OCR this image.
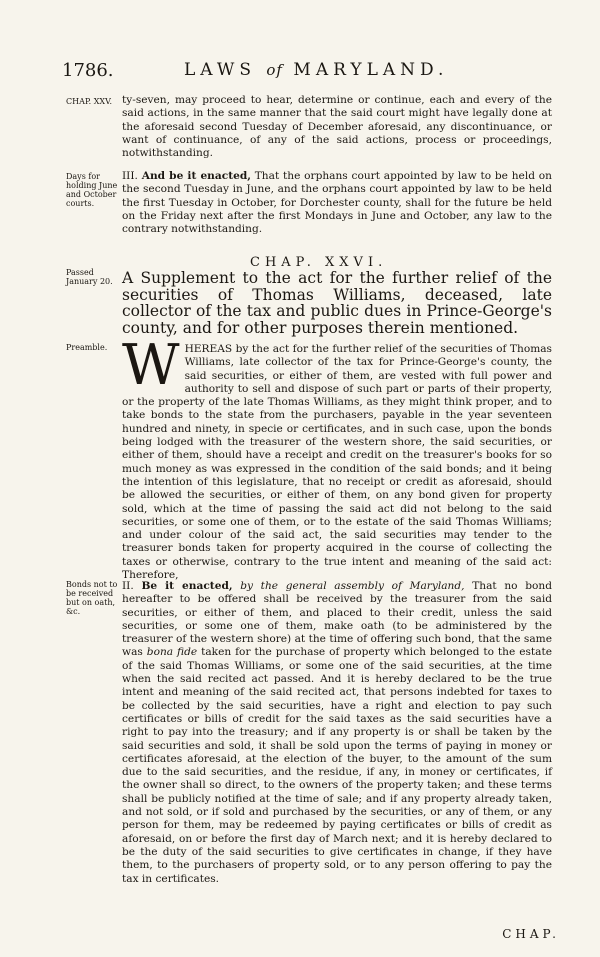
1786.	LAWS of MARYLAND.
CHAP. XXV. ty-seven, may proceed to hear, determine or continue, each and every of the said actions, in the same manner that the said court might have legally done at the aforesaid second Tuesday of December aforesaid, any discontinuance, or want of continuance, of any of the said actions, process or proceedings, notwithstanding.
Days for holding June and October courts.
III. And be it enacted, That the orphans court appointed by law to be held on the second Tuesday in June, and the orphans court appointed by law to be held the first Tuesday in October, for Dorchester county, shall for the future be held on the Friday next after the first Mondays in June and October, any law to the contrary notwithstanding.
CHAP. XXVI.
Passed January 20. A Supplement to the act for the further relief of the securities of Thomas Williams, deceased, late collector of the tax and public dues in Prince-George's county, and for other purposes therein mentioned.
Preamble. W HEREAS by the act for the further relief of the securities of Thomas Williams, late collector of the tax for Prince-George's county, the said securities, or either of them, are vested with full power and authority to sell and dispose of such part or parts of their property, or the property of the late Thomas Williams, as they might think proper, and to take bonds to the state from the purchasers, payable in the year seventeen hundred and ninety, in specie or certificates, and in such case, upon the bonds being lodged with the treasurer of the western shore, the said securities, or either of them, should have a receipt and credit on the treasurer's books for so much money as was expressed in the condition of the said bonds; and it being the intention of this legislature, that no receipt or credit as aforesaid, should be allowed the securities, or either of them, on any bond given for property sold, which at the time of passing the said act did not belong to the said securities, or some one of them, or to the estate of the said Thomas Williams; and under colour of the said act, the said securities may tender to the treasurer bonds taken for property acquired in the course of collecting the taxes or otherwise, contrary to the true intent and meaning of the said act: Therefore,
Bonds not to be received but on oath, &c.
II. Be it enacted, by the general assembly of Maryland, That no bond hereafter to be offered shall be received by the treasurer from the said securities, or either of them, and placed to their credit, unless the said securities, or some one of them, make oath (to be administered by the treasurer of the western shore) at the time of offering such bond, that the same was bona fide taken for the purchase of property which belonged to the estate of the said Thomas Williams, or some one of the said securities, at the time when the said recited act passed. And it is hereby declared to be the true intent and meaning of the said recited act, that persons indebted for taxes to be collected by the said securities, have a right and election to pay such certificates or bills of credit for the said taxes as the said securities have a right to pay into the treasury; and if any property is or shall be taken by the said securities and sold, it shall be sold upon the terms of paying in money or certificates aforesaid, at the election of the buyer, to the amount of the sum due to the said securities, and the residue, if any, in money or certificates, if the owner shall so direct, to the owners of the property taken; and these terms shall be publicly notified at the time of sale; and if any property already taken, and not sold, or if sold and purchased by the securities, or any of them, or any person for them, may be redeemed by paying certificates or bills of credit as aforesaid, on or before the first day of March next; and it is hereby declared to be the duty of the said securities to give certificates in change, if they have them, to the purchasers of property sold, or to any person offering to pay the tax in certificates.
CHAP.
